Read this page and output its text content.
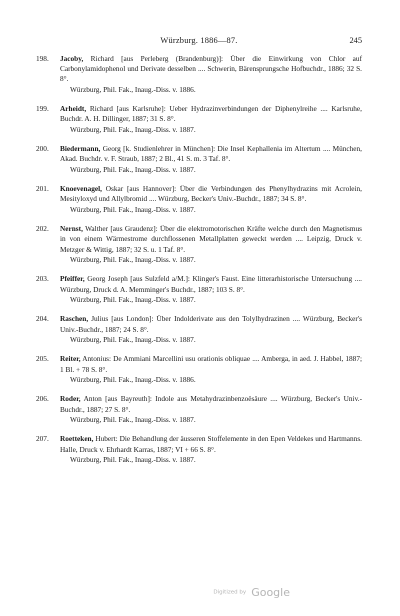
Würzburg. 1886—87.	245
198. Jacoby, Richard [aus Perleberg (Brandenburg)]: Über die Einwirkung von Chlor auf Carbonylamidophenol und Derivate desselben .... Schwerin, Bärensprungsche Hofbuchdr., 1886; 32 S. 8°.
Würzburg, Phil. Fak., Inaug.-Diss. v. 1886.
199. Arheidt, Richard [aus Karlsruhe]: Ueber Hydrazinverbindungen der Diphenylreihe .... Karlsruhe, Buchdr. A. H. Dillinger, 1887; 31 S. 8°.
Würzburg, Phil. Fak., Inaug.-Diss. v. 1887.
200. Biedermann, Georg [k. Studienlehrer in München]: Die Insel Kephallenia im Altertum .... München, Akad. Buchdr. v. F. Straub, 1887; 2 Bl., 41 S. m. 3 Taf. 8°.
Würzburg, Phil. Fak., Inaug.-Diss. v. 1887.
201. Knoevenagel, Oskar [aus Hannover]: Über die Verbindungen des Phenylhydrazins mit Acrolein, Mesityloxyd und Allylbromid .... Würzburg, Becker's Univ.-Buchdr., 1887; 34 S. 8°.
Würzburg, Phil. Fak., Inaug.-Diss. v. 1887.
202. Nernst, Walther [aus Graudenz]: Über die elektromotorischen Kräfte welche durch den Magnetismus in von einem Wärmestrome durchflossenen Metallplatten geweckt werden .... Leipzig, Druck v. Metzger & Wittig, 1887; 32 S. u. 1 Taf. 8°.
Würzburg, Phil. Fak., Inaug.-Diss. v. 1887.
203. Pfeiffer, Georg Joseph [aus Sulzfeld a/M.]: Klinger's Faust. Eine litterarhistorische Untersuchung .... Würzburg, Druck d. A. Memminger's Buchdr., 1887; 103 S. 8°.
Würzburg, Phil. Fak., Inaug.-Diss. v. 1887.
204. Raschen, Julius [aus London]: Über Indolderivate aus den Tolylhydrazinen .... Würzburg, Becker's Univ.-Buchdr., 1887; 24 S. 8°.
Würzburg, Phil. Fak., Inaug.-Diss. v. 1887.
205. Reiter, Antonius: De Ammiani Marcellini usu orationis obliquae .... Amberga, in aed. J. Habbel, 1887; 1 Bl. + 78 S. 8°.
Würzburg, Phil. Fak., Inaug.-Diss. v. 1886.
206. Roder, Anton [aus Bayreuth]: Indole aus Metahydrazinbenzoësäure .... Würzburg, Becker's Univ.-Buchdr., 1887; 27 S. 8°.
Würzburg, Phil. Fak., Inaug.-Diss. v. 1887.
207. Roetteken, Hubert: Die Behandlung der äusseren Stoffelemente in den Epen Veldekes und Hartmanns. Halle, Druck v. Ehrhardt Karras, 1887; VI + 66 S. 8°.
Würzburg, Phil. Fak., Inaug.-Diss. v. 1887.
Digitized by Google
